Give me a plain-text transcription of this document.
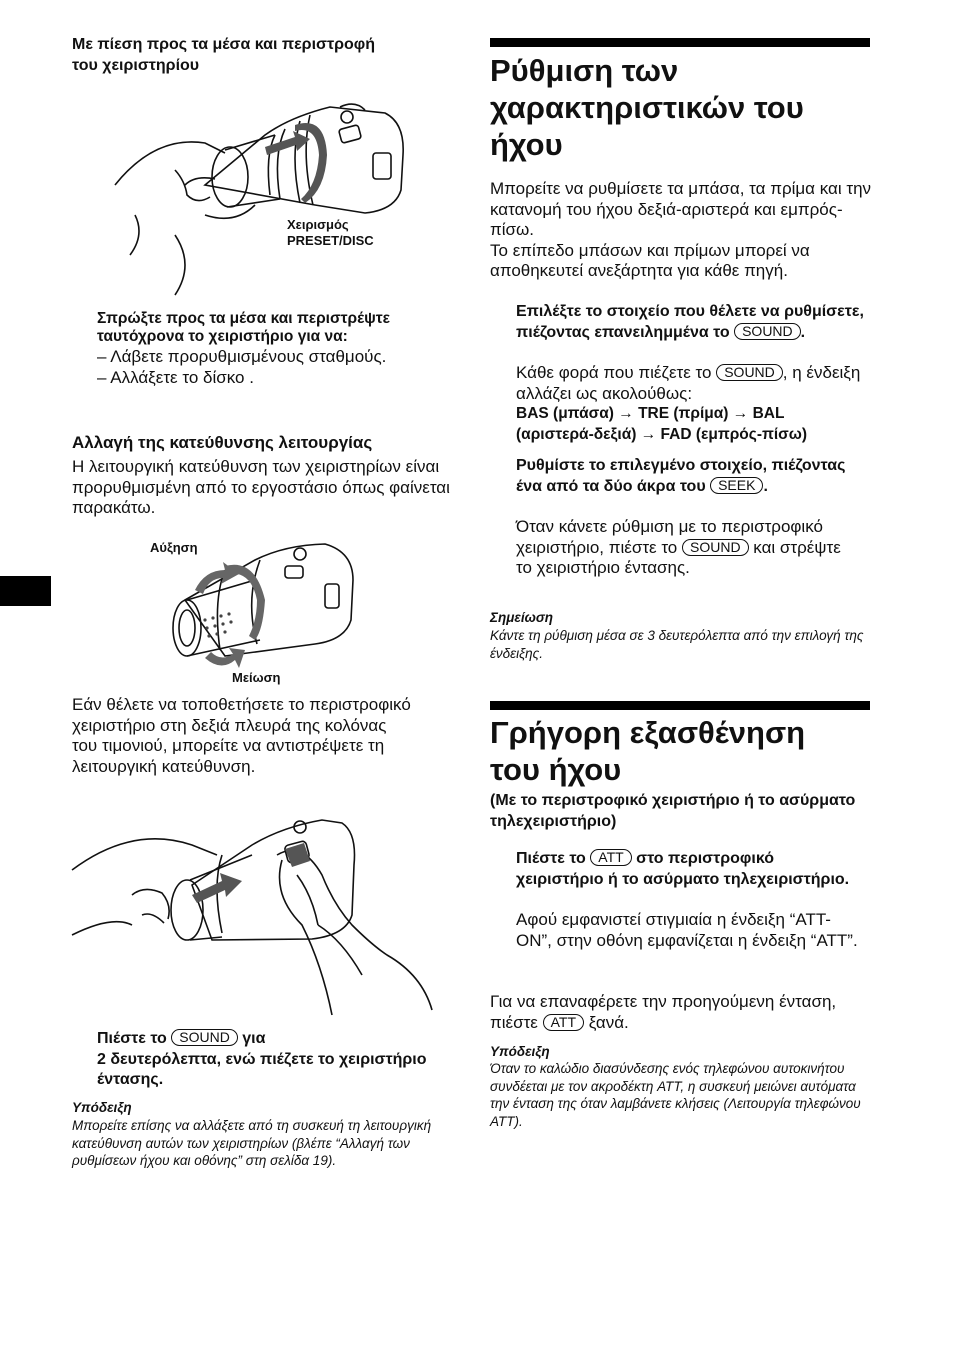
Με πίεση προς τα μέσα και περιστροφή του χειριστηρίου
Χειρισμός
PRESET/DISC
Σπρώξτε προς τα μέσα και περιστρέψτε ταυτόχρονα το χειριστήριο για να:
– Λάβετε προρυθμισμένους σταθμούς.
– Αλλάξετε το δίσκο .
Αλλαγή της κατεύθυνσης λειτουργίας
Η λειτουργική κατεύθυνση των χειριστηρίων είναι προρυθμισμένη από το εργοστάσιο όπως φαίνεται παρακάτω.
Αύξηση
Μείωση
Εάν θέλετε να τοποθετήσετε το περιστροφικό χειριστήριο στη δεξιά πλευρά της κολόνας του τιμονιού, μπορείτε να αντιστρέψετε τη λειτουργική κατεύθυνση.
Πιέστε το SOUND για
2 δευτερόλεπτα, ενώ πιέζετε το χειριστήριο έντασης.
Υπόδειξη
Μπορείτε επίσης να αλλάξετε από τη συσκευή τη λειτουργική κατεύθυνση αυτών των χειριστηρίων (βλέπε “Αλλαγή των ρυθμίσεων ήχου και οθόνης” στη σελίδα 19).
Ρύθμιση των
χαρακτηριστικών του
ήχου
Μπορείτε να ρυθμίσετε τα μπάσα, τα πρίμα και την κατανομή του ήχου δεξιά-αριστερά και εμπρός-πίσω.
Το επίπεδο μπάσων και πρίμων μπορεί να αποθηκευτεί ανεξάρτητα για κάθε πηγή.
Επιλέξτε το στοιχείο που θέλετε να ρυθμίσετε, πιέζοντας επανειλημμένα το SOUND .
Κάθε φορά που πιέζετε το SOUND , η ένδειξη αλλάζει ως ακολούθως:
BAS (μπάσα) → TRE (πρίμα) → BAL
(αριστερά-δεξιά) → FAD (εμπρός-πίσω)
Ρυθμίστε το επιλεγμένο στοιχείο, πιέζοντας ένα από τα δύο άκρα του SEEK .
Όταν κάνετε ρύθμιση με το περιστροφικό χειριστήριο, πιέστε το SOUND και στρέψτε το χειριστήριο έντασης.
Σημείωση
Κάντε τη ρύθμιση μέσα σε 3 δευτερόλεπτα από την επιλογή της ένδειξης.
Γρήγορη εξασθένηση
του ήχου
(Με το περιστροφικό χειριστήριο ή το ασύρματο τηλεχειριστήριο)
Πιέστε το ATT στο περιστροφικό χειριστήριο ή το ασύρματο τηλεχειριστήριο.
Αφού εμφανιστεί στιγμιαία η ένδειξη “ATT-ON”, στην οθόνη εμφανίζεται η ένδειξη “ATT”.
Για να επαναφέρετε την προηγούμενη ένταση, πιέστε ATT ξανά.
Υπόδειξη
Όταν το καλώδιο διασύνδεσης ενός τηλεφώνου αυτοκινήτου συνδέεται με τον ακροδέκτη ATT, η συσκευή μειώνει αυτόματα την ένταση της όταν λαμβάνετε κλήσεις (Λειτουργία τηλεφώνου ATT).
